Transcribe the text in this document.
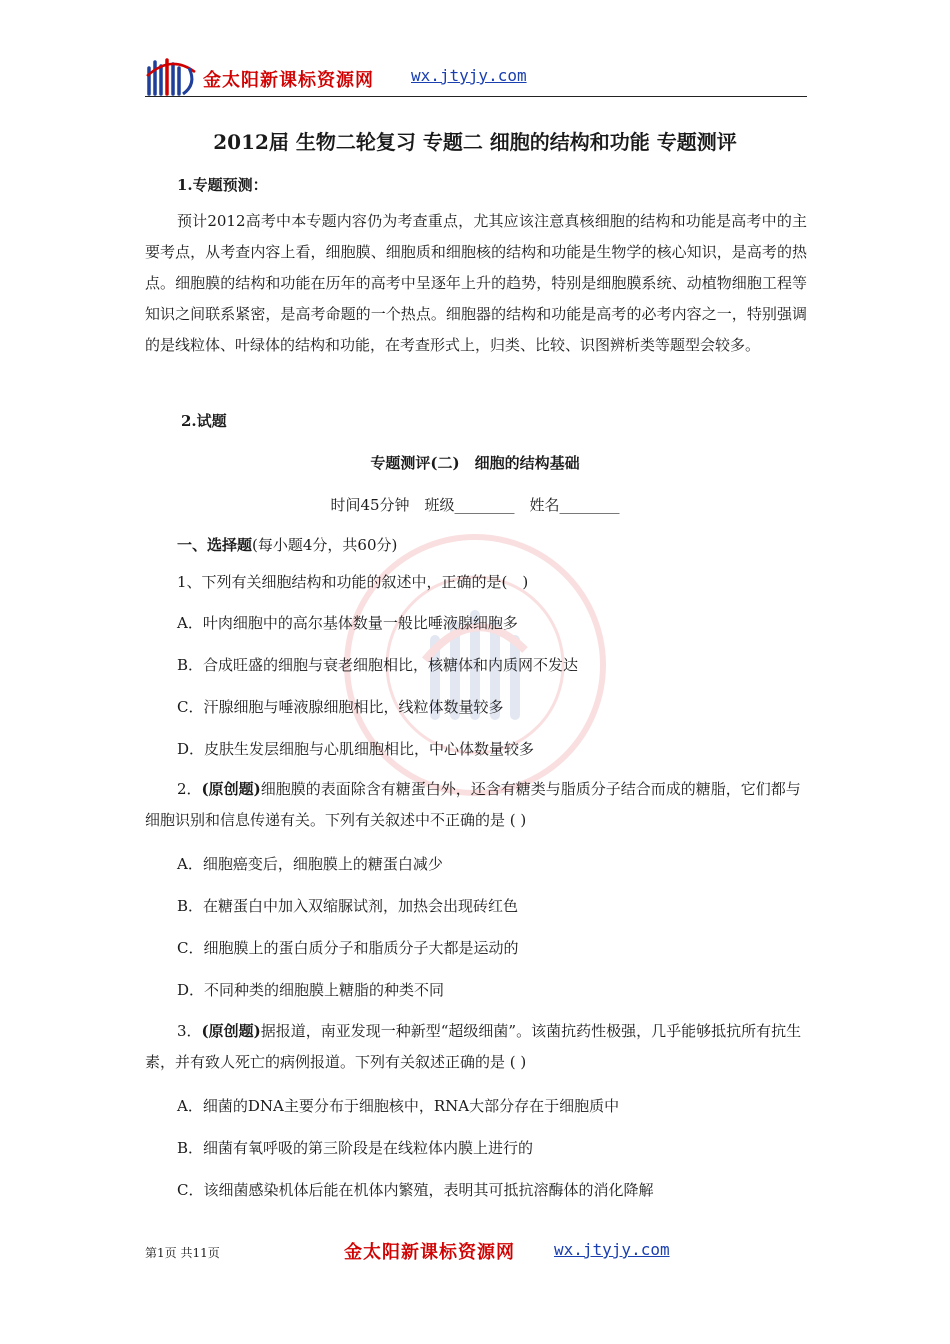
金太阳新课标资源网 wx.jtyjy.com
2012届 生物二轮复习 专题二 细胞的结构和功能 专题测评
1.专题预测：
预计2012高考中本专题内容仍为考查重点，尤其应该注意真核细胞的结构和功能是高考中的主要考点，从考查内容上看，细胞膜、细胞质和细胞核的结构和功能是生物学的核心知识，是高考的热点。细胞膜的结构和功能在历年的高考中呈逐年上升的趋势，特别是细胞膜系统、动植物细胞工程等知识之间联系紧密，是高考命题的一个热点。细胞器的结构和功能是高考的必考内容之一，特别强调的是线粒体、叶绿体的结构和功能，在考查形式上，归类、比较、识图辨析类等题型会较多。
2.试题
专题测评(二)　细胞的结构基础
时间45分钟　班级________　姓名________
一、选择题(每小题4分，共60分)
1、下列有关细胞结构和功能的叙述中，正确的是(　)
A．叶肉细胞中的高尔基体数量一般比唾液腺细胞多
B．合成旺盛的细胞与衰老细胞相比，核糖体和内质网不发达
C．汗腺细胞与唾液腺细胞相比，线粒体数量较多
D．皮肤生发层细胞与心肌细胞相比，中心体数量较多
2．(原创题)细胞膜的表面除含有糖蛋白外，还含有糖类与脂质分子结合而成的糖脂，它们都与细胞识别和信息传递有关。下列有关叙述中不正确的是 ( )
A．细胞癌变后，细胞膜上的糖蛋白减少
B．在糖蛋白中加入双缩脲试剂，加热会出现砖红色
C．细胞膜上的蛋白质分子和脂质分子大都是运动的
D．不同种类的细胞膜上糖脂的种类不同
3．(原创题)据报道，南亚发现一种新型“超级细菌”。该菌抗药性极强，几乎能够抵抗所有抗生素，并有致人死亡的病例报道。下列有关叙述正确的是 ( )
A．细菌的DNA主要分布于细胞核中，RNA大部分存在于细胞质中
B．细菌有氧呼吸的第三阶段是在线粒体内膜上进行的
C．该细菌感染机体后能在机体内繁殖，表明其可抵抗溶酶体的消化降解
第1页 共11页	金太阳新课标资源网 wx.jtyjy.com
